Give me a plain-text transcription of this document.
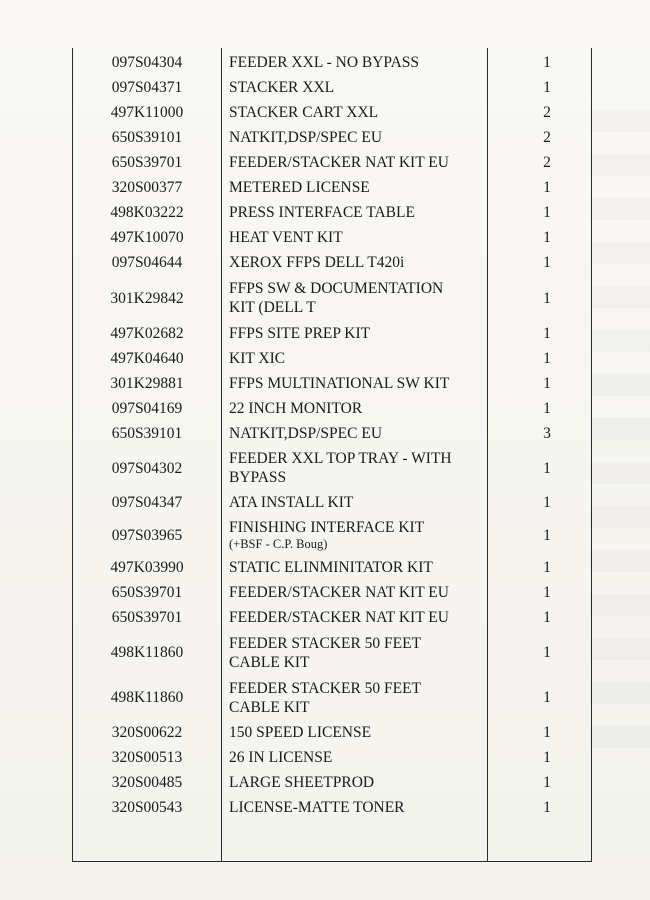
097S04304	FEEDER XXL - NO BYPASS	1
097S04371	STACKER XXL	1
497K11000	STACKER CART XXL	2
650S39101	NATKIT,DSP/SPEC EU	2
650S39701	FEEDER/STACKER NAT KIT EU	2
320S00377	METERED LICENSE	1
498K03222	PRESS INTERFACE TABLE	1
497K10070	HEAT VENT KIT	1
097S04644	XEROX FFPS DELL T420i	1
301K29842	FFPS SW & DOCUMENTATION
KIT (DELL T	1
497K02682	FFPS SITE PREP KIT	1
497K04640	KIT XIC	1
301K29881	FFPS MULTINATIONAL SW KIT	1
097S04169	22 INCH MONITOR	1
650S39101	NATKIT,DSP/SPEC EU	3
097S04302	FEEDER XXL TOP TRAY - WITH
BYPASS	1
097S04347	ATA INSTALL KIT	1
097S03965	FINISHING INTERFACE KIT
(+BSF - C.P. Boug)	1
497K03990	STATIC ELINMINITATOR KIT	1
650S39701	FEEDER/STACKER NAT KIT EU	1
650S39701	FEEDER/STACKER NAT KIT EU	1
498K11860	FEEDER STACKER 50 FEET
CABLE KIT	1
498K11860	FEEDER STACKER 50 FEET
CABLE KIT	1
320S00622	150 SPEED LICENSE	1
320S00513	26 IN LICENSE	1
320S00485	LARGE SHEETPROD	1
320S00543	LICENSE-MATTE TONER	1
